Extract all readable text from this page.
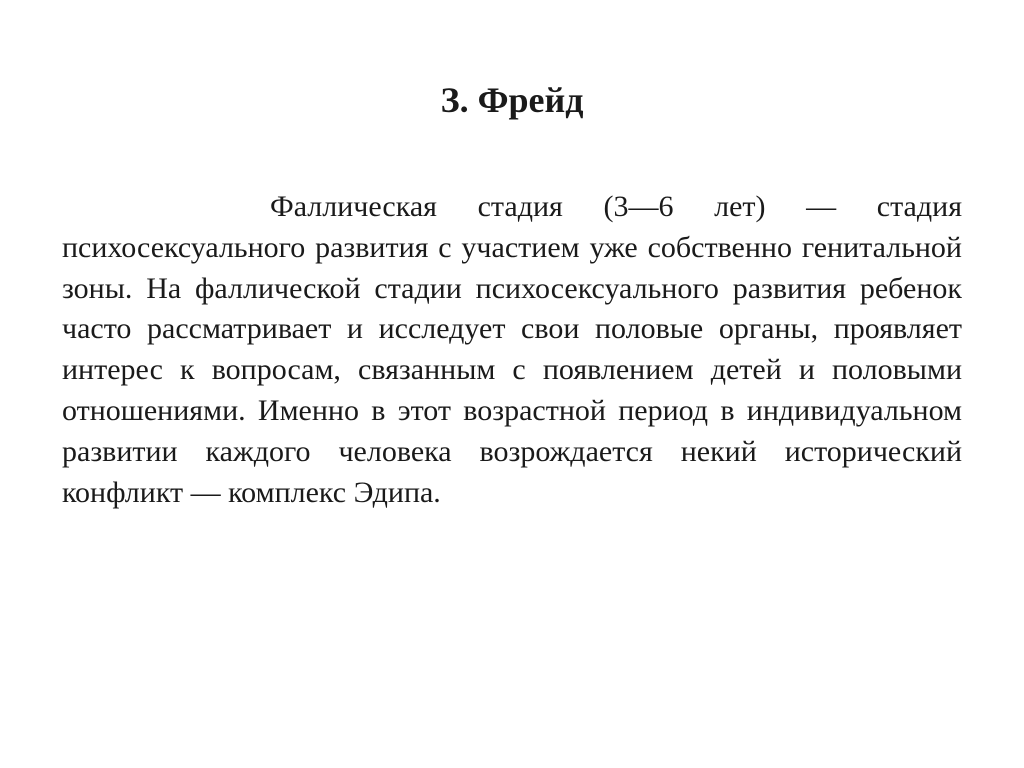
З. Фрейд

Фаллическая стадия (3—6 лет) — стадия психосексуального развития с участием уже собственно генитальной зоны. На фаллической стадии психосексуального развития ребенок часто рассматривает и исследует свои половые органы, проявляет интерес к вопросам, связанным с появлением детей и половыми отношениями. Именно в этот возрастной период в индивидуальном развитии каждого человека возрождается некий исторический конфликт — комплекс Эдипа.
